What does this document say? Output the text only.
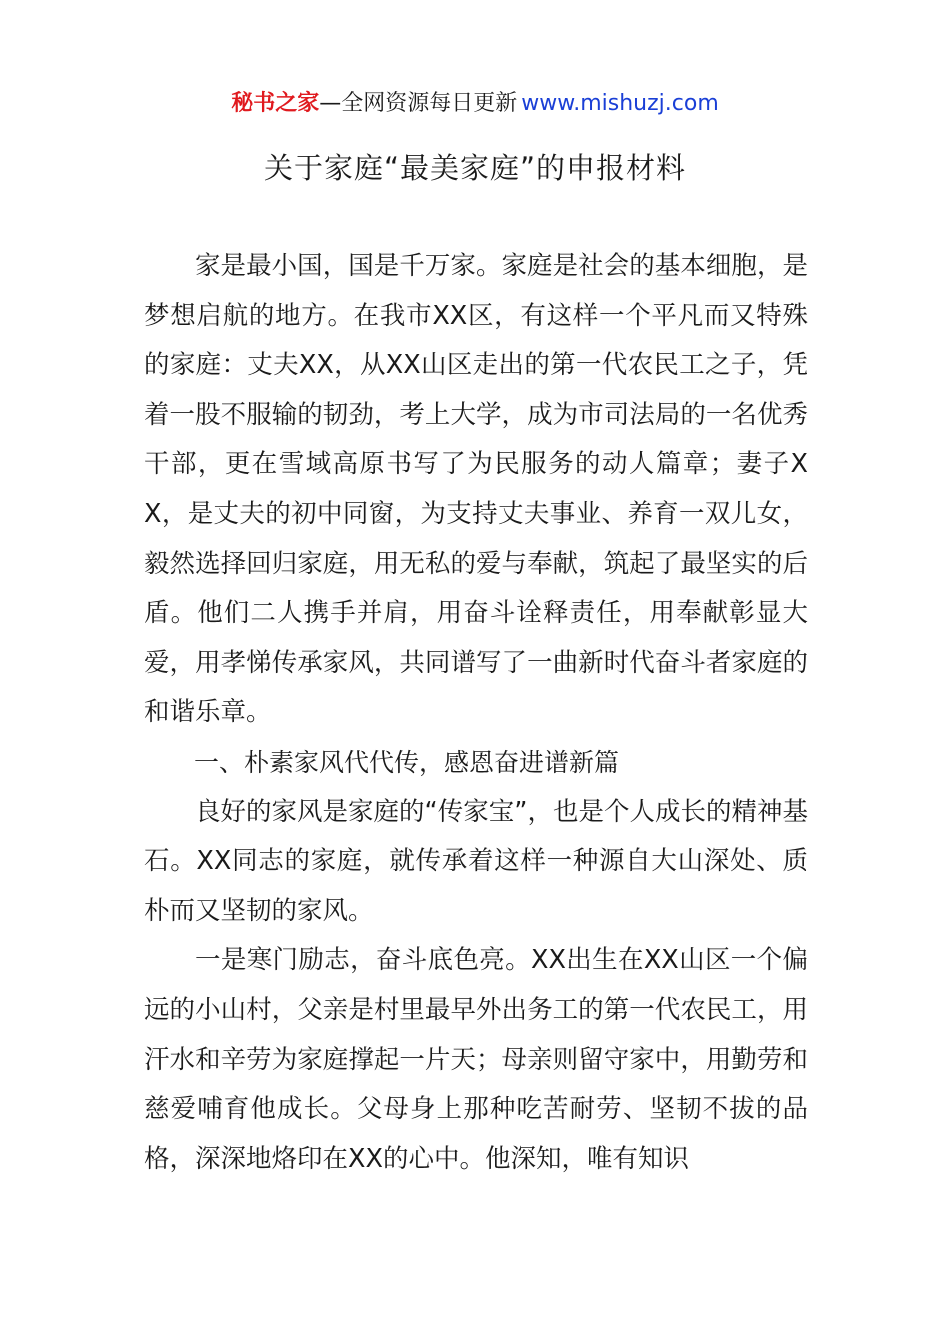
秘书之家—全网资源每日更新 www.mishuzj.com
关于家庭“最美家庭”的申报材料

家是最小国，国是千万家。家庭是社会的基本细胞，是梦想启航的地方。在我市XX区，有这样一个平凡而又特殊的家庭：丈夫XX，从XX山区走出的第一代农民工之子，凭着一股不服输的韧劲，考上大学，成为市司法局的一名优秀干部，更在雪域高原书写了为民服务的动人篇章；妻子XX，是丈夫的初中同窗，为支持丈夫事业、养育一双儿女，毅然选择回归家庭，用无私的爱与奉献，筑起了最坚实的后盾。他们二人携手并肩，用奋斗诠释责任，用奉献彰显大爱，用孝悌传承家风，共同谱写了一曲新时代奋斗者家庭的和谐乐章。

一、朴素家风代代传，感恩奋进谱新篇

良好的家风是家庭的“传家宝”，也是个人成长的精神基石。XX同志的家庭，就传承着这样一种源自大山深处、质朴而又坚韧的家风。

一是寒门励志，奋斗底色亮。XX出生在XX山区一个偏远的小山村，父亲是村里最早外出务工的第一代农民工，用汗水和辛劳为家庭撑起一片天；母亲则留守家中，用勤劳和慈爱哺育他成长。父母身上那种吃苦耐劳、坚韧不拔的品格，深深地烙印在XX的心中。他深知，唯有知识
